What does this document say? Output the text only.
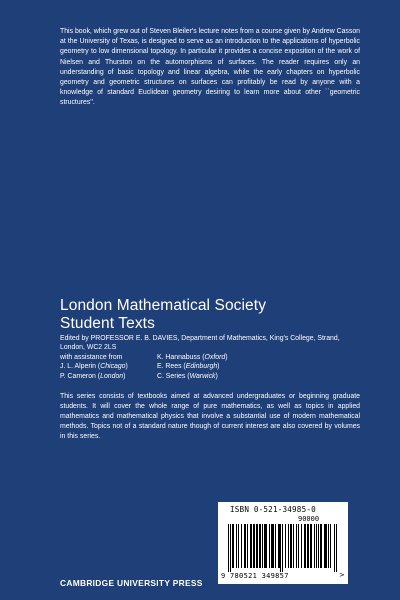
This book, which grew out of Steven Bleiler's lecture notes from a course given by Andrew Casson at the University of Texas, is designed to serve as an introduction to the applications of hyperbolic geometry to low dimensional topology. In particular it provides a concise exposition of the work of Nielsen and Thurston on the automorphisms of surfaces. The reader requires only an understanding of basic topology and linear algebra, while the early chapters on hyperbolic geometry and geometric structures on surfaces can profitably be read by anyone with a knowledge of standard Euclidean geometry desiring to learn more about other ``geometric structures''.

London Mathematical Society
Student Texts
Edited by PROFESSOR E. B. DAVIES, Department of Mathematics, King's College, Strand, London, WC2 2LS
with assistance from	K. Hannabuss (Oxford)
J. L. Alperin (Chicago)	E. Rees (Edinburgh)
P. Cameron (London)	C. Series (Warwick)

This series consists of textbooks aimed at advanced undergraduates or beginning graduate students. It will cover the whole range of pure mathematics, as well as topics in applied mathematics and mathematical physics that involve a substantial use of modern mathematical methods. Topics not of a standard nature though of current interest are also covered by volumes in this series.

ISBN 0-521-34985-0
90000
9 780521 349857	>
CAMBRIDGE UNIVERSITY PRESS
